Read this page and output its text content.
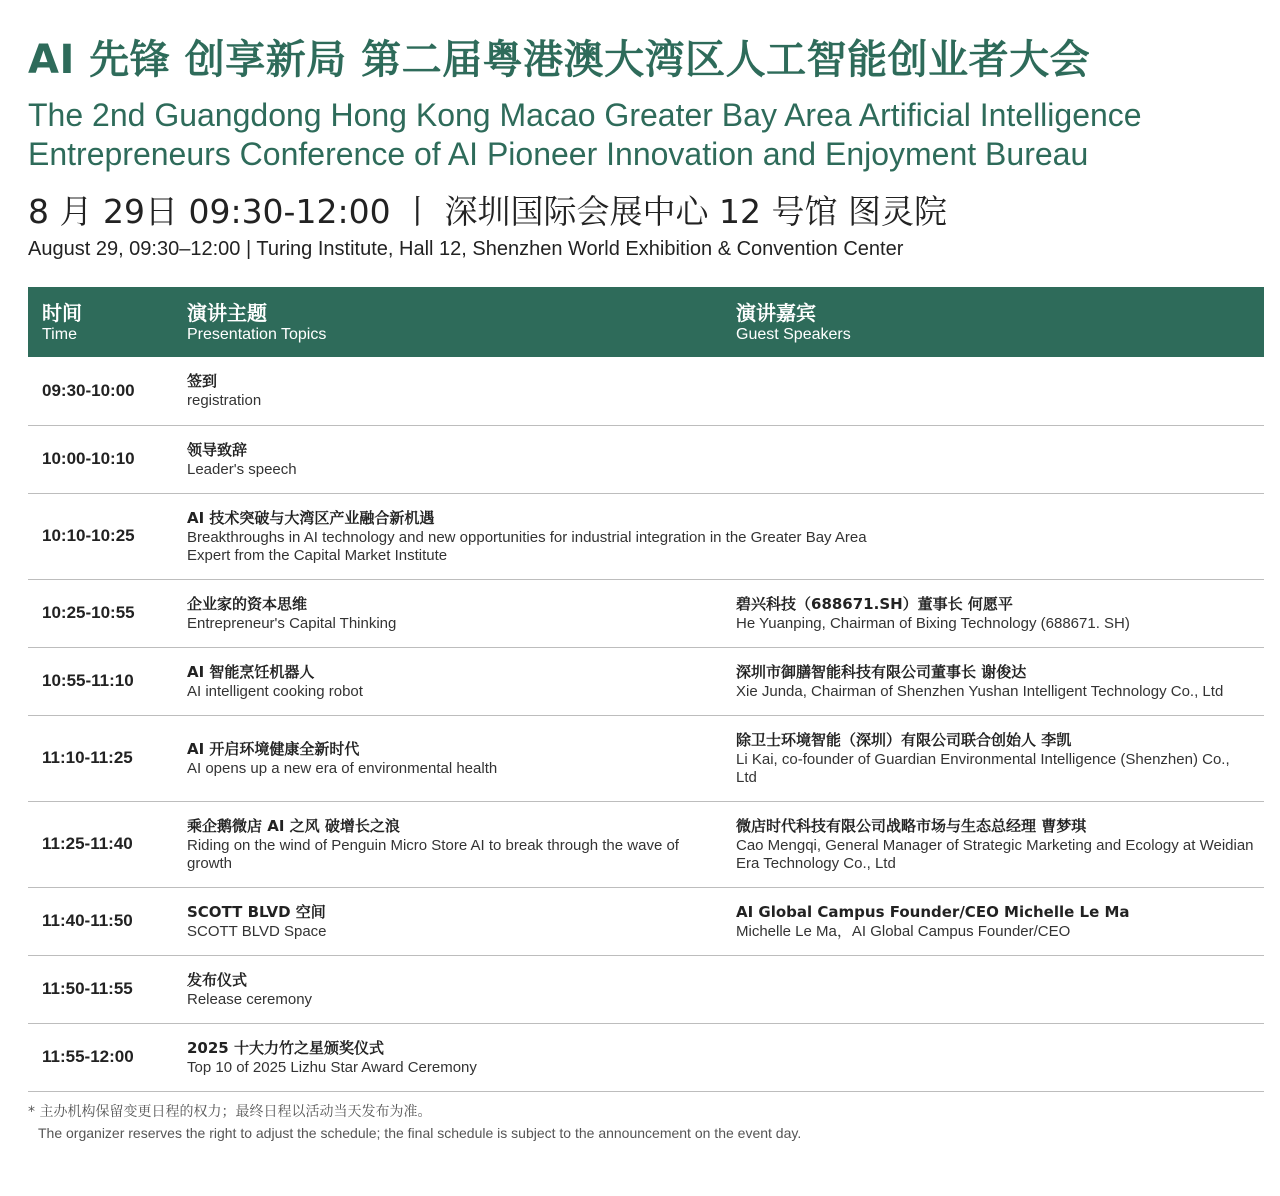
AI 先锋 创享新局 第二届粤港澳大湾区人工智能创业者大会
The 2nd Guangdong Hong Kong Macao Greater Bay Area Artificial Intelligence
Entrepreneurs Conference of AI Pioneer Innovation and Enjoyment Bureau
8 月 29日 09:30-12:00 丨 深圳国际会展中心 12 号馆 图灵院
August 29, 09:30–12:00 | Turing Institute, Hall 12, Shenzhen World Exhibition & Convention Center
时间
Time	演讲主题
Presentation Topics	演讲嘉宾
Guest Speakers

09:30-10:00	签到
registration	

10:00-10:10	领导致辞
Leader's speech	

10:10-10:25	AI 技术突破与大湾区产业融合新机遇
Breakthroughs in AI technology and new opportunities for industrial integration in the Greater Bay Area
Expert from the Capital Market Institute	

10:25-10:55	企业家的资本思维
Entrepreneur's Capital Thinking	碧兴科技（688671.SH）董事长 何愿平
He Yuanping, Chairman of Bixing Technology (688671. SH)

10:55-11:10	AI 智能烹饪机器人
AI intelligent cooking robot	深圳市御膳智能科技有限公司董事长 谢俊达
Xie Junda, Chairman of Shenzhen Yushan Intelligent Technology Co., Ltd

11:10-11:25	AI 开启环境健康全新时代
AI opens up a new era of environmental health	除卫士环境智能（深圳）有限公司联合创始人 李凯
Li Kai, co-founder of Guardian Environmental Intelligence (Shenzhen) Co., Ltd

11:25-11:40	乘企鹅微店 AI 之风 破增长之浪
Riding on the wind of Penguin Micro Store AI to break through the wave of growth	微店时代科技有限公司战略市场与生态总经理 曹梦琪
Cao Mengqi, General Manager of Strategic Marketing and Ecology at Weidian Era Technology Co., Ltd

11:40-11:50	SCOTT BLVD 空间
SCOTT BLVD Space	AI Global Campus Founder/CEO Michelle Le Ma
Michelle Le Ma，AI Global Campus Founder/CEO

11:50-11:55	发布仪式
Release ceremony	

11:55-12:00	2025 十大力竹之星颁奖仪式
Top 10 of 2025 Lizhu Star Award Ceremony	

* 主办机构保留变更日程的权力；最终日程以活动当天发布为准。
The organizer reserves the right to adjust the schedule; the final schedule is subject to the announcement on the event day.
